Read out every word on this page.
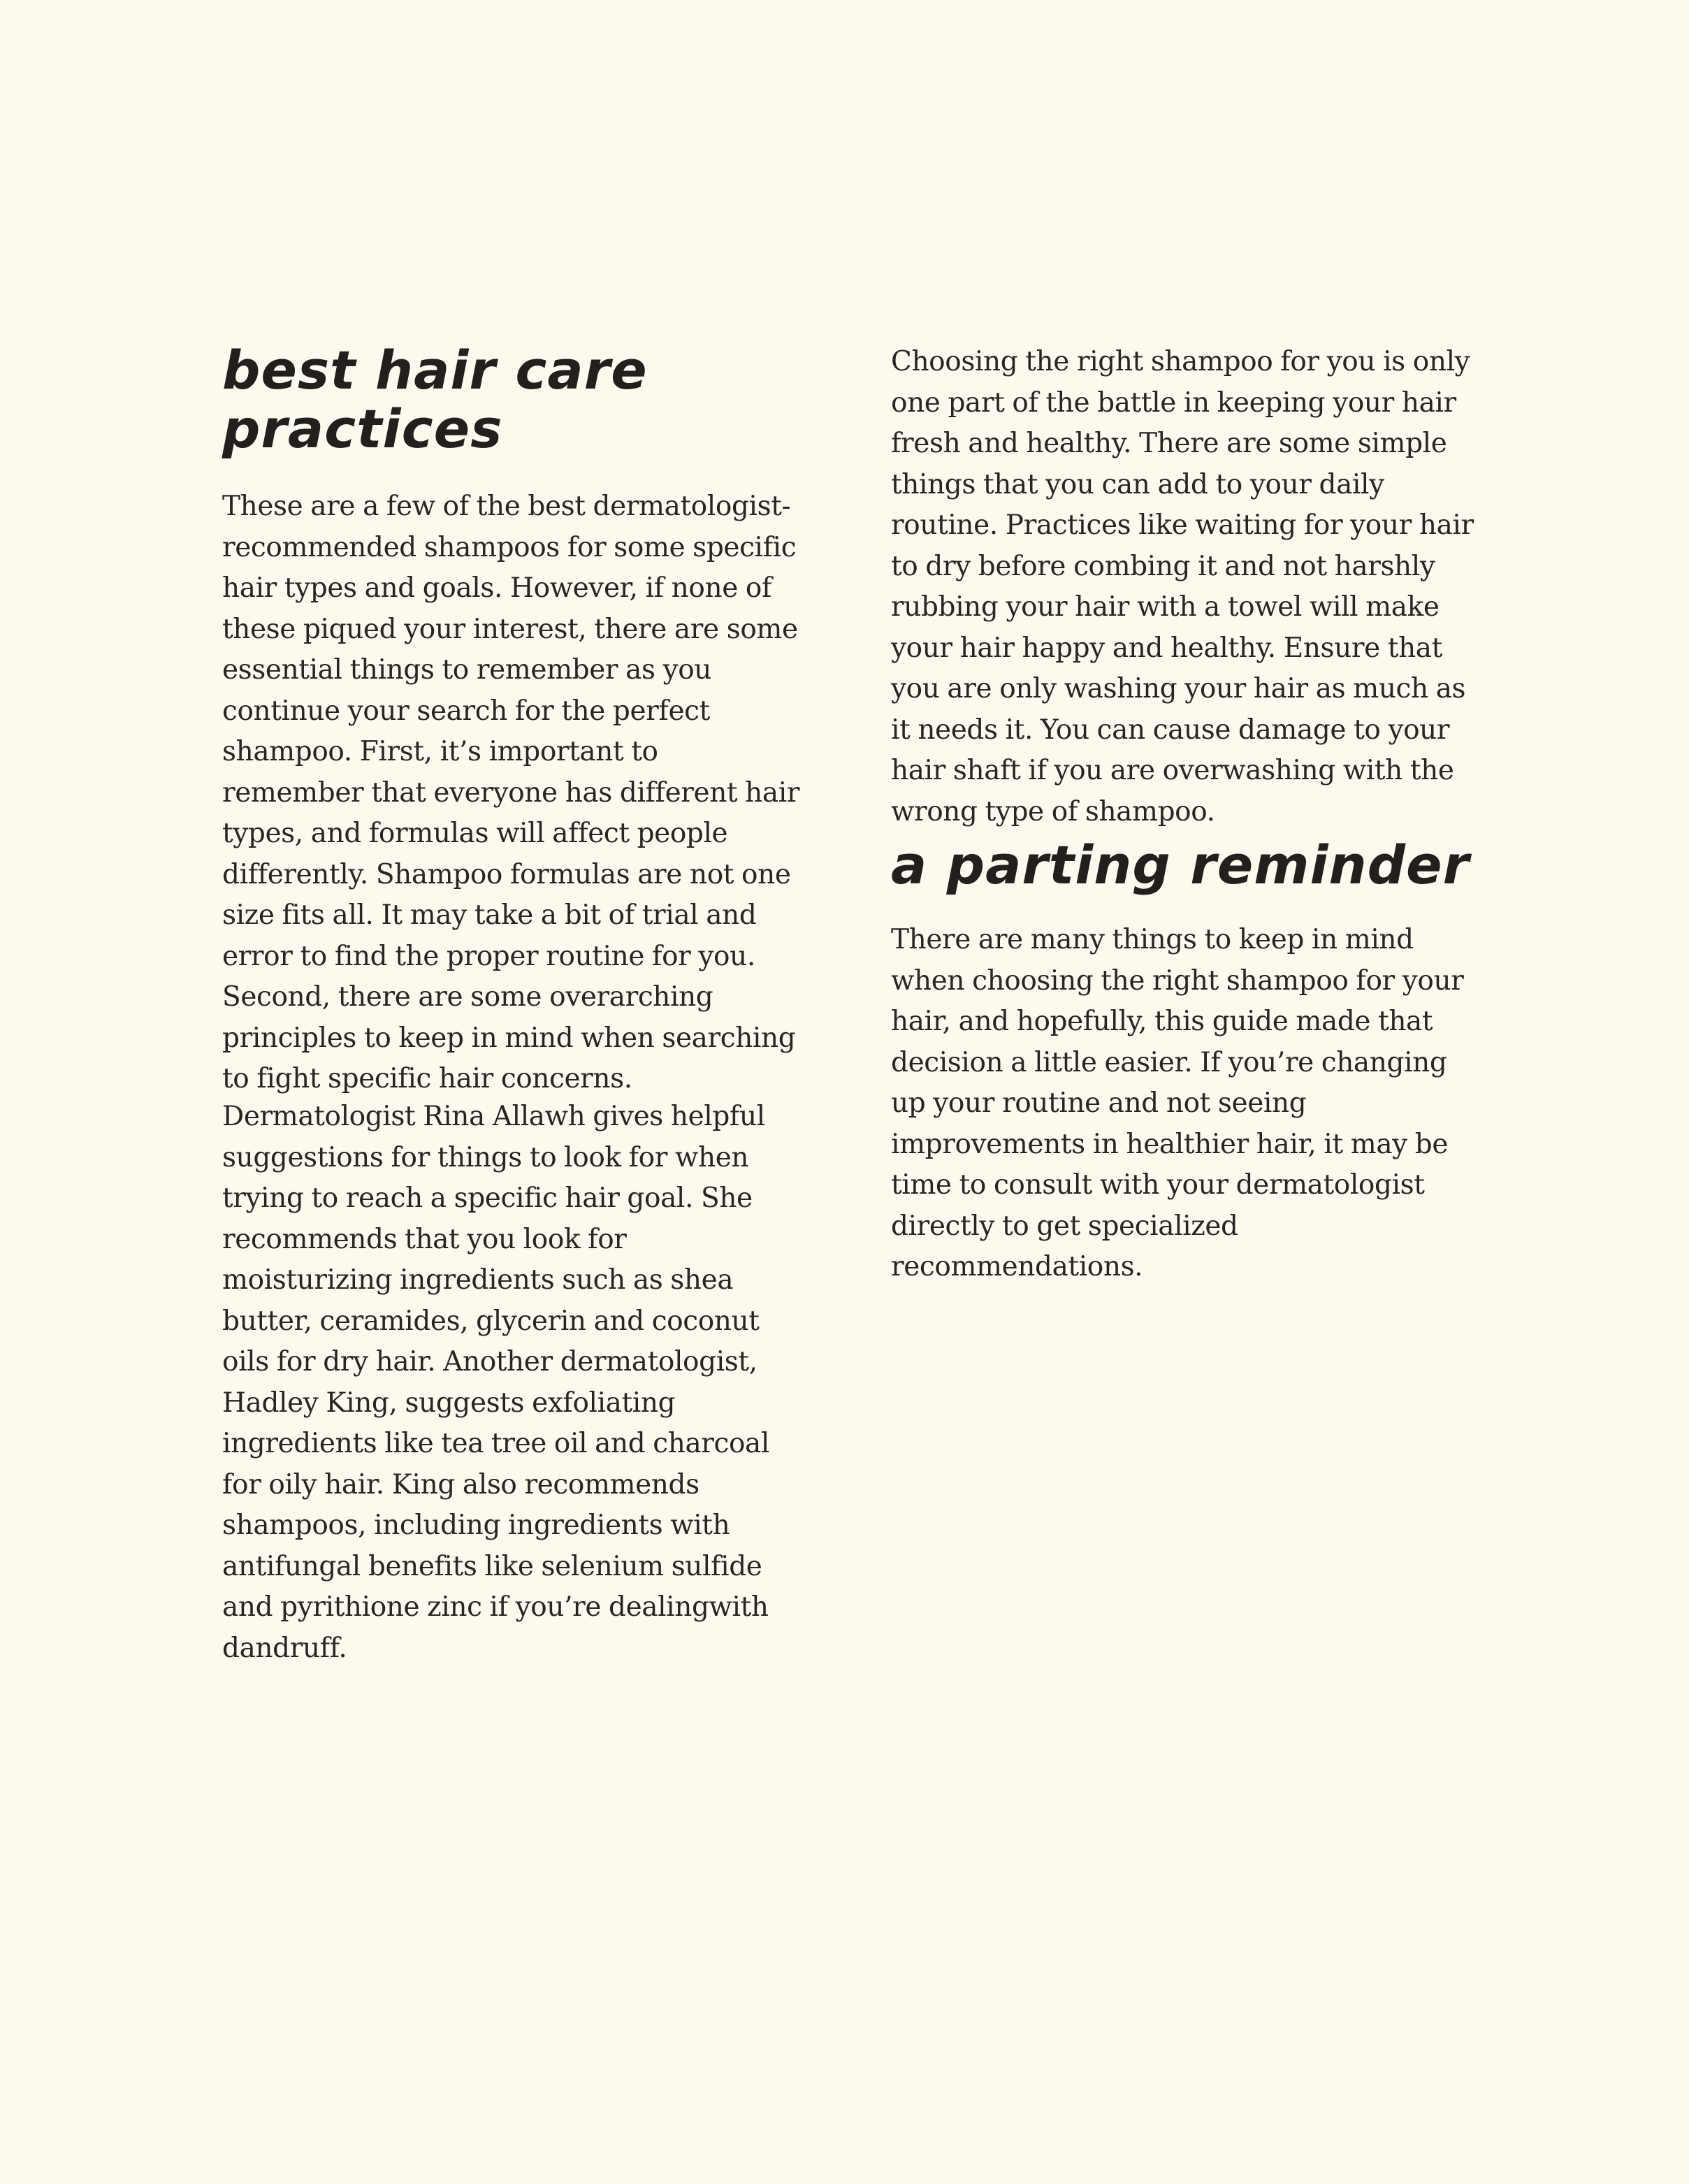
best hair care practices

These are a few of the best dermatologist-recommended shampoos for some specific hair types and goals. However, if none of these piqued your interest, there are some essential things to remember as you continue your search for the perfect shampoo. First, it’s important to remember that everyone has different hair types, and formulas will affect people differently. Shampoo formulas are not one size fits all. It may take a bit of trial and error to find the proper routine for you. Second, there are some overarching principles to keep in mind when searching to fight specific hair concerns.

Dermatologist Rina Allawh gives helpful suggestions for things to look for when trying to reach a specific hair goal. She recommends that you look for moisturizing ingredients such as shea butter, ceramides, glycerin and coconut oils for dry hair. Another dermatologist, Hadley King, suggests exfoliating ingredients like tea tree oil and charcoal for oily hair. King also recommends shampoos, including ingredients with antifungal benefits like selenium sulfide and pyrithione zinc if you’re dealingwith dandruff.

Choosing the right shampoo for you is only one part of the battle in keeping your hair fresh and healthy. There are some simple things that you can add to your daily routine. Practices like waiting for your hair to dry before combing it and not harshly rubbing your hair with a towel will make your hair happy and healthy. Ensure that you are only washing your hair as much as it needs it. You can cause damage to your hair shaft if you are overwashing with the wrong type of shampoo.

a parting reminder

There are many things to keep in mind when choosing the right shampoo for your hair, and hopefully, this guide made that decision a little easier. If you’re changing up your routine and not seeing improvements in healthier hair, it may be time to consult with your dermatologist directly to get specialized recommendations.
